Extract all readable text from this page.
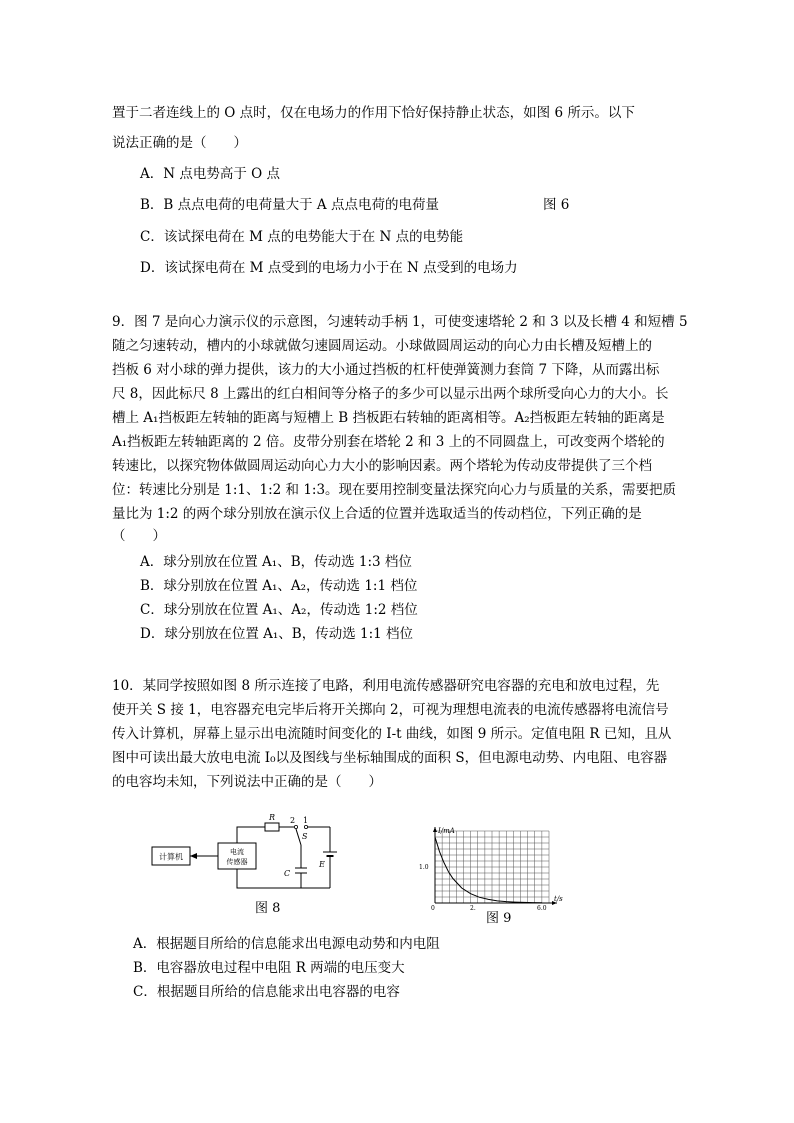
置于二者连线上的 O 点时，仅在电场力的作用下恰好保持静止状态，如图 6 所示。以下
说法正确的是（　　）
A．N 点电势高于 O 点
B．B 点点电荷的电荷量大于 A 点点电荷的电荷量	图 6
C．该试探电荷在 M 点的电势能大于在 N 点的电势能
D．该试探电荷在 M 点受到的电场力小于在 N 点受到的电场力
9．图 7 是向心力演示仪的示意图，匀速转动手柄 1，可使变速塔轮 2 和 3 以及长槽 4 和短槽 5
随之匀速转动，槽内的小球就做匀速圆周运动。小球做圆周运动的向心力由长槽及短槽上的
挡板 6 对小球的弹力提供，该力的大小通过挡板的杠杆使弹簧测力套筒 7 下降，从而露出标
尺 8，因此标尺 8 上露出的红白相间等分格子的多少可以显示出两个球所受向心力的大小。长
槽上 A₁挡板距左转轴的距离与短槽上 B 挡板距右转轴的距离相等。A₂挡板距左转轴的距离是
A₁挡板距左转轴距离的 2 倍。皮带分别套在塔轮 2 和 3 上的不同圆盘上，可改变两个塔轮的
转速比，以探究物体做圆周运动向心力大小的影响因素。两个塔轮为传动皮带提供了三个档
位：转速比分别是 1:1、1:2 和 1:3。现在要用控制变量法探究向心力与质量的关系，需要把质
量比为 1:2 的两个球分别放在演示仪上合适的位置并选取适当的传动档位，下列正确的是
（　　）
A．球分别放在位置 A₁、B，传动选 1:3 档位
B．球分别放在位置 A₁、A₂，传动选 1:1 档位
C．球分别放在位置 A₁、A₂，传动选 1:2 档位
D．球分别放在位置 A₁、B，传动选 1:1 档位
10．某同学按照如图 8 所示连接了电路，利用电流传感器研究电容器的充电和放电过程，先
使开关 S 接 1，电容器充电完毕后将开关掷向 2，可视为理想电流表的电流传感器将电流信号
传入计算机，屏幕上显示出电流随时间变化的 I-t 曲线，如图 9 所示。定值电阻 R 已知，且从
图中可读出最大放电电流 I₀以及图线与坐标轴围成的面积 S，但电源电动势、内电阻、电容器
的电容均未知，下列说法中正确的是（　　）
计算机
电流
传感器
R 2 1
S
C
E
图 8
I/mA
t/s
0
1.0
2.	6.0
图 9
A．根据题目所给的信息能求出电源电动势和内电阻
B．电容器放电过程中电阻 R 两端的电压变大
C．根据题目所给的信息能求出电容器的电容
